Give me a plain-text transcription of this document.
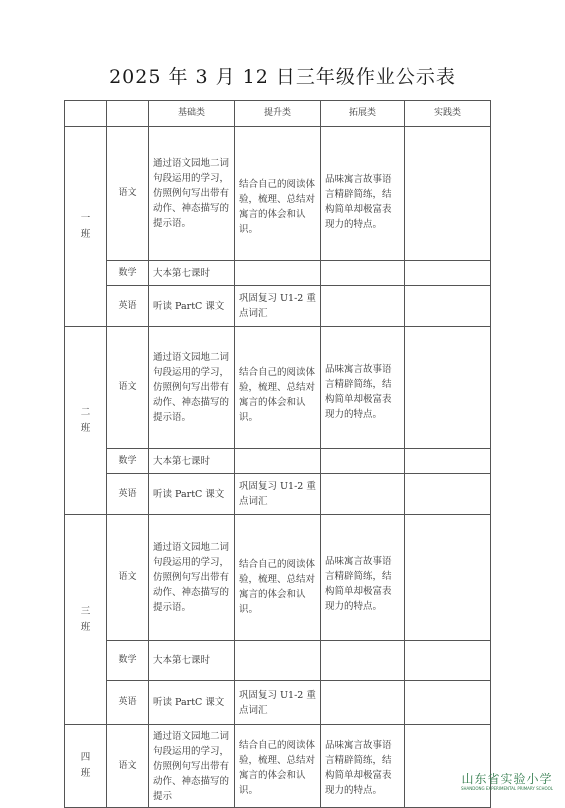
2025 年 3 月 12 日三年级作业公示表
		基础类	提升类	拓展类	实践类

一
班	语文	通过语文园地二词句段运用的学习，仿照例句写出带有动作、神态描写的提示语。	结合自己的阅读体验，梳理、总结对寓言的体会和认识。	品味寓言故事语言精辟简练，结构简单却极富表现力的特点。	
	数学	大本第七课时			
	英语	听读 PartC 课文	巩固复习 U1-2 重点词汇		

二
班	语文	通过语文园地二词句段运用的学习，仿照例句写出带有动作、神态描写的提示语。	结合自己的阅读体验，梳理、总结对寓言的体会和认识。	品味寓言故事语言精辟简练，结构简单却极富表现力的特点。	
	数学	大本第七课时			
	英语	听读 PartC 课文	巩固复习 U1-2 重点词汇		

三
班	语文	通过语文园地二词句段运用的学习，仿照例句写出带有动作、神态描写的提示语。	结合自己的阅读体验，梳理、总结对寓言的体会和认识。	品味寓言故事语言精辟简练，结构简单却极富表现力的特点。	
	数学	大本第七课时			
	英语	听读 PartC 课文	巩固复习 U1-2 重点词汇		

四
班	语文	通过语文园地二词句段运用的学习，仿照例句写出带有动作、神态描写的提示	结合自己的阅读体验，梳理、总结对寓言的体会和认识。	品味寓言故事语言精辟简练，结构简单却极富表现力的特点。	
山东省实验小学
SHANDONG EXPERIMENTAL PRIMARY SCHOOL
